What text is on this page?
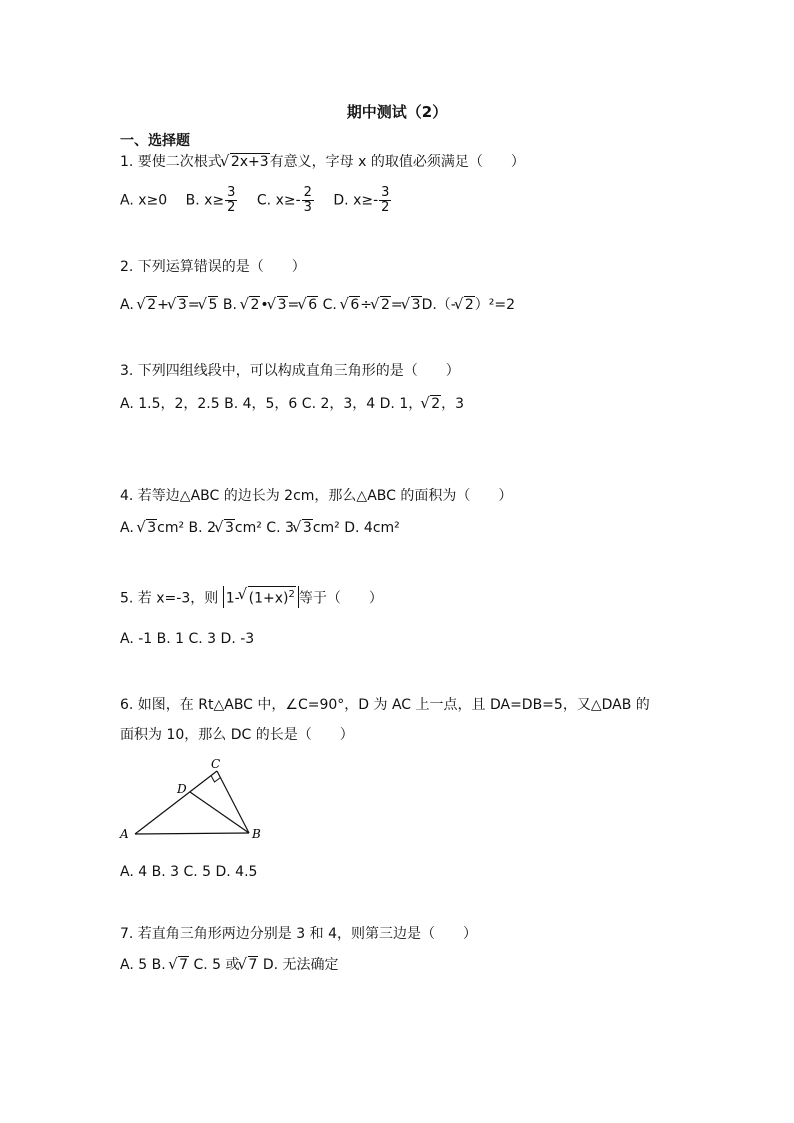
期中测试（2）
一、选择题
1. 要使二次根式 √ 2x+3有意义，字母 x 的取值必须满足（　　）
A. x≥0 B. $x\ge \frac{3}{2} C$. $x\ge- \frac{2}{3} D$. $x\ge- \frac{3}{2}$
2. 下列运算错误的是（　　）
A. √ 2+ √ 3= √ 5 B. √ 2• √ 3= √ 6 C. √ 6÷ √ 2= √ 3D.（- √ 2）²=2
3. 下列四组线段中，可以构成直角三角形的是（　　）
A. 1.5，2，2.5 B. 4，5，6 C. 2，3，4 D. 1， √ 2，3
4. 若等边△ABC 的边长为 2cm，那么△ABC 的面积为（　　）
A. √ 3cm² B. 2 √ 3cm² C. 3 √ 3cm² D. 4cm²
5. 若 x=-3，则 1- √ $(1+x)^2$ 等于（　　）
A. -1 B. 1 C. 3 D. -3
6. 如图，在 Rt△ABC 中，∠C=90°，D 为 AC 上一点，且 DA=DB=5，又△DAB 的
面积为 10，那么 DC 的长是（　　）
A	B
C
D
A. 4 B. 3 C. 5 D. 4.5
7. 若直角三角形两边分别是 3 和 4，则第三边是（　　）
A. 5 B. √ 7 C. 5 或 √ 7 D. 无法确定
